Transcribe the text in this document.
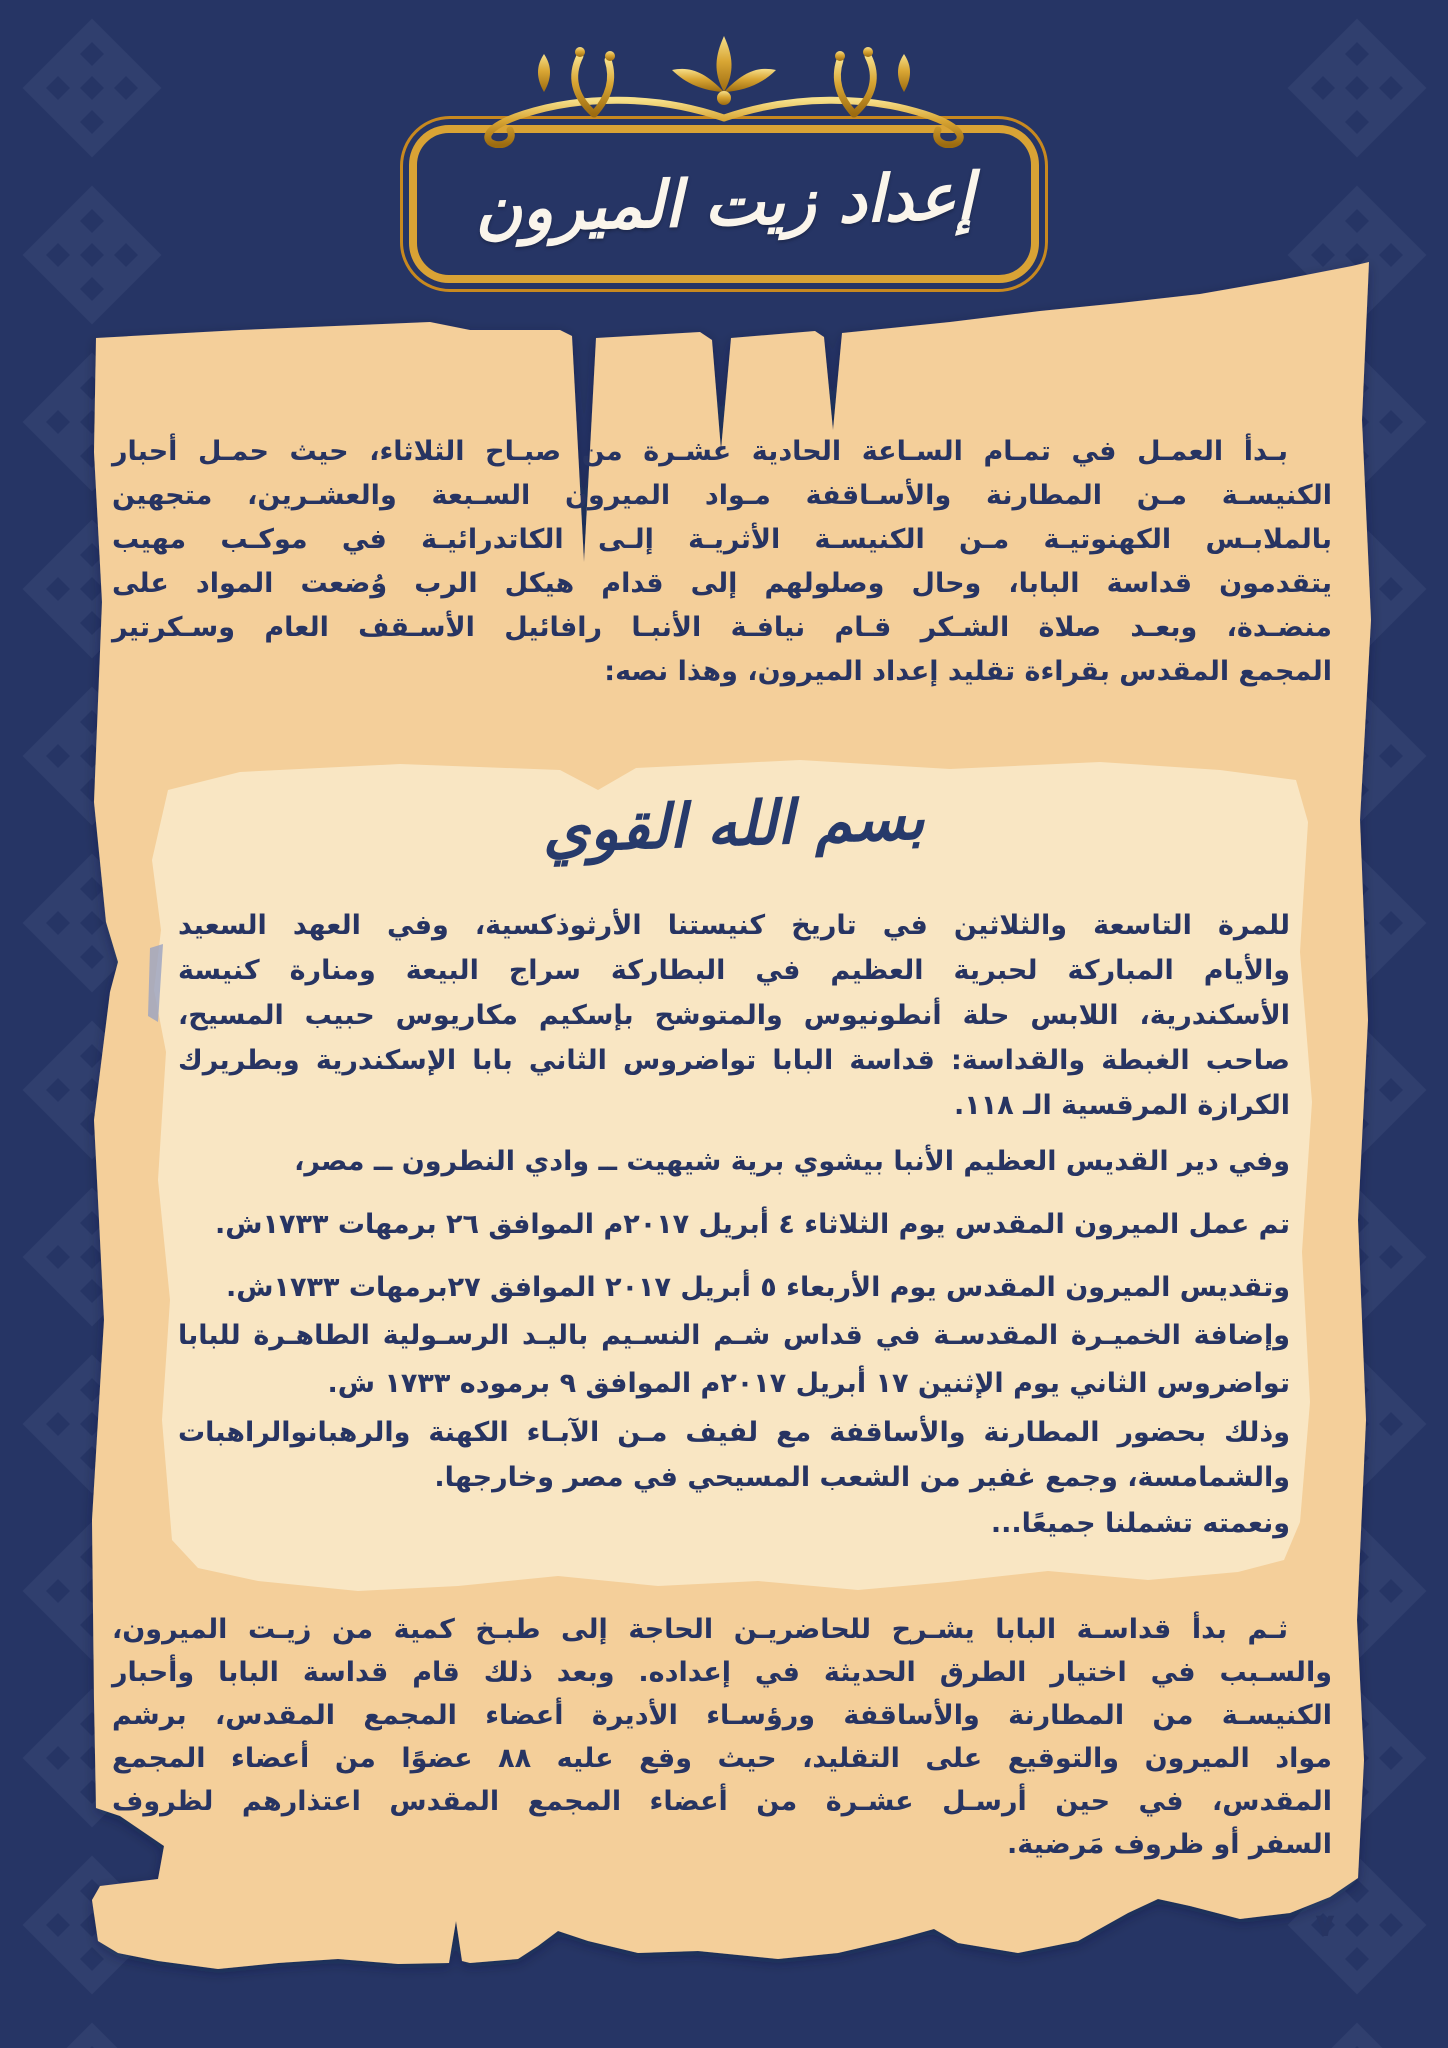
إعداد زيت الميرون
بـدأ العمـل في تمـام السـاعة الحادية عشـرة من صبـاح الثلاثاء، حيث حمـل أحبار
الكنيسـة مـن المطارنة والأسـاقفة مـواد الميرون السـبعة والعشـرين، متجهين
بالملابـس الكهنوتيـة مـن الكنيسـة الأثريـة إلـى الكاتدرائيـة في موكـب مهيب
يتقدمون قداسة البابا، وحال وصلولهم إلى قدام هيكل الرب وُضعت المواد على
منضـدة، وبعـد صلاة الشـكر قـام نيافـة الأنبـا رافائيل الأسـقف العام وسـكرتير
المجمع المقدس بقراءة تقليد إعداد الميرون، وهذا نصه:
بسم الله القوي
للمرة التاسعة والثلاثين في تاريخ كنيستنا الأرثوذكسية، وفي العهد السعيد
والأيام المباركة لحبرية العظيم في البطاركة سراج البيعة ومنارة كنيسة
الأسكندرية، اللابس حلة أنطونيوس والمتوشح بإسكيم مكاريوس حبيب المسيح،
صاحب الغبطة والقداسة: قداسة البابا تواضروس الثاني بابا الإسكندرية وبطريرك
الكرازة المرقسية الـ ١١٨.
وفي دير القديس العظيم الأنبا بيشوي برية شيهيت ــ وادي النطرون ــ مصر،
تم عمل الميرون المقدس يوم الثلاثاء ٤ أبريل ٢٠١٧م الموافق ٢٦ برمهات ١٧٣٣ش.
وتقديس الميرون المقدس يوم الأربعاء ٥ أبريل ٢٠١٧ الموافق ٢٧برمهات ١٧٣٣ش.
وإضافة الخميـرة المقدسـة في قداس شـم النسـيم باليـد الرسـولية الطاهـرة للبابا
تواضروس الثاني يوم الإثنين ١٧ أبريل ٢٠١٧م الموافق ٩ برموده ١٧٣٣ ش.
وذلك بحضور المطارنة والأساقفة مع لفيف مـن الآبـاء الكهنة والرهبانوالراهبات
والشمامسة، وجمع غفير من الشعب المسيحي في مصر وخارجها.
ونعمته تشملنا جميعًا...
ثـم بدأ قداسـة البابا يشـرح للحاضريـن الحاجة إلى طبـخ كمية من زيـت الميرون،
والسـبب في اختيار الطرق الحديثة في إعداده. وبعد ذلك قام قداسة البابا وأحبار
الكنيسـة من المطارنة والأساقفة ورؤسـاء الأديرة أعضاء المجمع المقدس، برشم
مواد الميرون والتوقيع على التقليد، حيث وقع عليه ٨٨ عضوًا من أعضاء المجمع
المقدس، في حين أرسـل عشـرة من أعضاء المجمع المقدس اعتذارهم لظروف
السفر أو ظروف مَرضية.
٧
